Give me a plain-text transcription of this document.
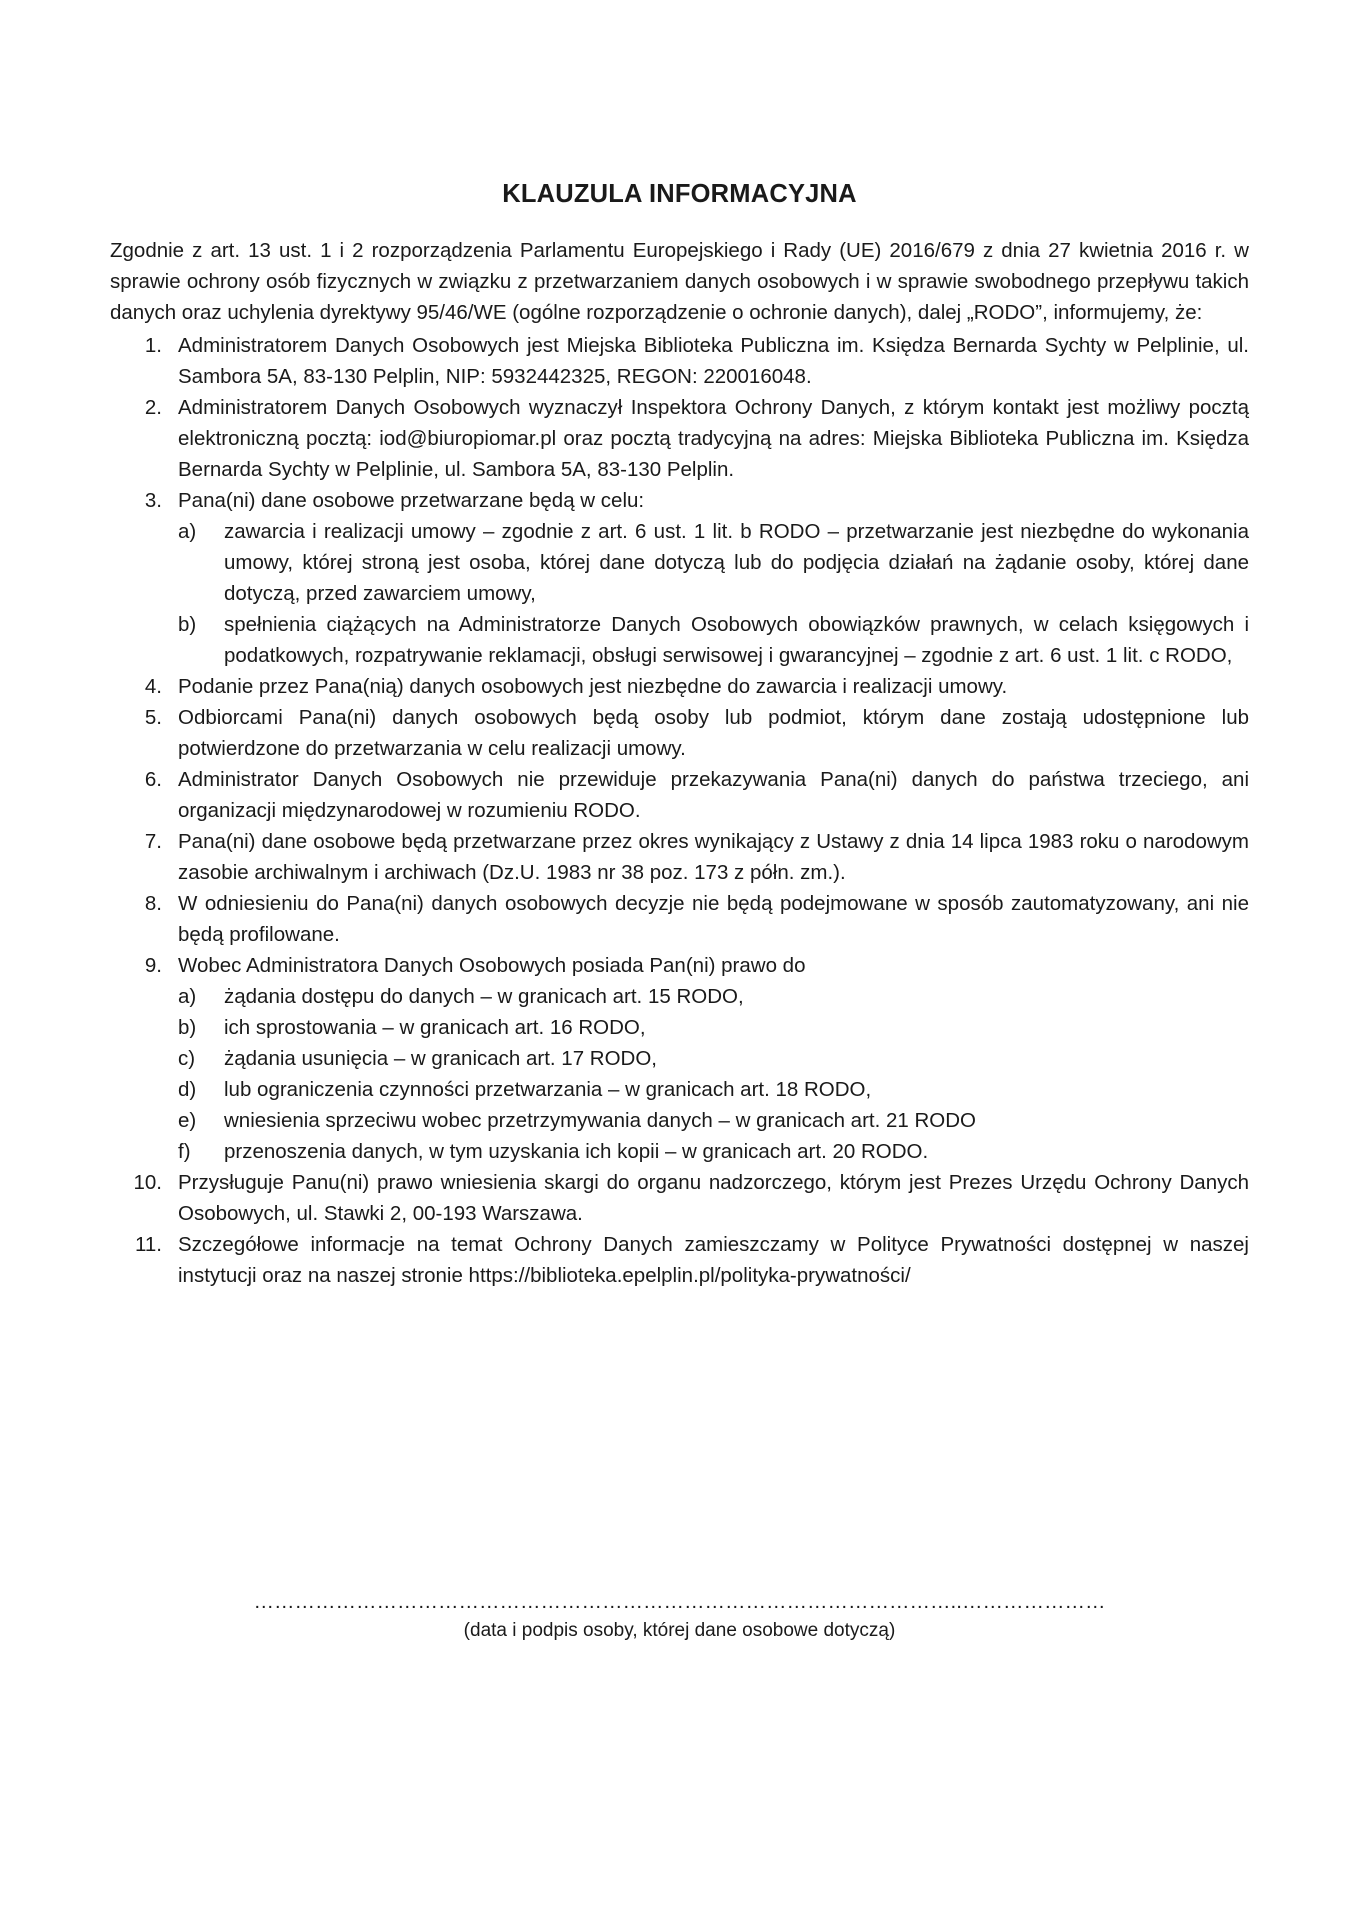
KLAUZULA INFORMACYJNA

Zgodnie z art. 13 ust. 1 i 2 rozporządzenia Parlamentu Europejskiego i Rady (UE) 2016/679 z dnia 27 kwietnia 2016 r. w sprawie ochrony osób fizycznych w związku z przetwarzaniem danych osobowych i w sprawie swobodnego przepływu takich danych oraz uchylenia dyrektywy 95/46/WE (ogólne rozporządzenie o ochronie danych), dalej „RODO”, informujemy, że:

1. Administratorem Danych Osobowych jest Miejska Biblioteka Publiczna im. Księdza Bernarda Sychty w Pelplinie, ul. Sambora 5A, 83-130 Pelplin, NIP: 5932442325, REGON: 220016048.
2. Administratorem Danych Osobowych wyznaczył Inspektora Ochrony Danych, z którym kontakt jest możliwy pocztą elektroniczną pocztą: iod@biuropiomar.pl oraz pocztą tradycyjną na adres: Miejska Biblioteka Publiczna im. Księdza Bernarda Sychty w Pelplinie, ul. Sambora 5A, 83-130 Pelplin.
3. Pana(ni) dane osobowe przetwarzane będą w celu:
a)	zawarcia i realizacji umowy – zgodnie z art. 6 ust. 1 lit. b RODO – przetwarzanie jest niezbędne do wykonania umowy, której stroną jest osoba, której dane dotyczą lub do podjęcia działań na żądanie osoby, której dane dotyczą, przed zawarciem umowy,
b)	spełnienia ciążących na Administratorze Danych Osobowych obowiązków prawnych, w celach księgowych i podatkowych, rozpatrywanie reklamacji, obsługi serwisowej i gwarancyjnej – zgodnie z art. 6 ust. 1 lit. c RODO,
4. Podanie przez Pana(nią) danych osobowych jest niezbędne do zawarcia i realizacji umowy.
5. Odbiorcami Pana(ni) danych osobowych będą osoby lub podmiot, którym dane zostają udostępnione lub potwierdzone do przetwarzania w celu realizacji umowy.
6. Administrator Danych Osobowych nie przewiduje przekazywania Pana(ni) danych do państwa trzeciego, ani organizacji międzynarodowej w rozumieniu RODO.
7. Pana(ni) dane osobowe będą przetwarzane przez okres wynikający z Ustawy z dnia 14 lipca 1983 roku o narodowym zasobie archiwalnym i archiwach (Dz.U. 1983 nr 38 poz. 173 z półn. zm.).
8. W odniesieniu do Pana(ni) danych osobowych decyzje nie będą podejmowane w sposób zautomatyzowany, ani nie będą profilowane.
9. Wobec Administratora Danych Osobowych posiada Pan(ni) prawo do
a)	żądania dostępu do danych – w granicach art. 15 RODO,
b)	ich sprostowania – w granicach art. 16 RODO,
c)	żądania usunięcia – w granicach art. 17 RODO,
d)	lub ograniczenia czynności przetwarzania – w granicach art. 18 RODO,
e)	wniesienia sprzeciwu wobec przetrzymywania danych – w granicach art. 21 RODO
f)	przenoszenia danych, w tym uzyskania ich kopii – w granicach art. 20 RODO.
10. Przysługuje Panu(ni) prawo wniesienia skargi do organu nadzorczego, którym jest Prezes Urzędu Ochrony Danych Osobowych, ul. Stawki 2, 00-193 Warszawa.
11. Szczegółowe informacje na temat Ochrony Danych zamieszczamy w Polityce Prywatności dostępnej w naszej instytucji oraz na naszej stronie https://biblioteka.epelplin.pl/polityka-prywatności/
…………………………………………………………………………………………..…………………
(data i podpis osoby, której dane osobowe dotyczą)
